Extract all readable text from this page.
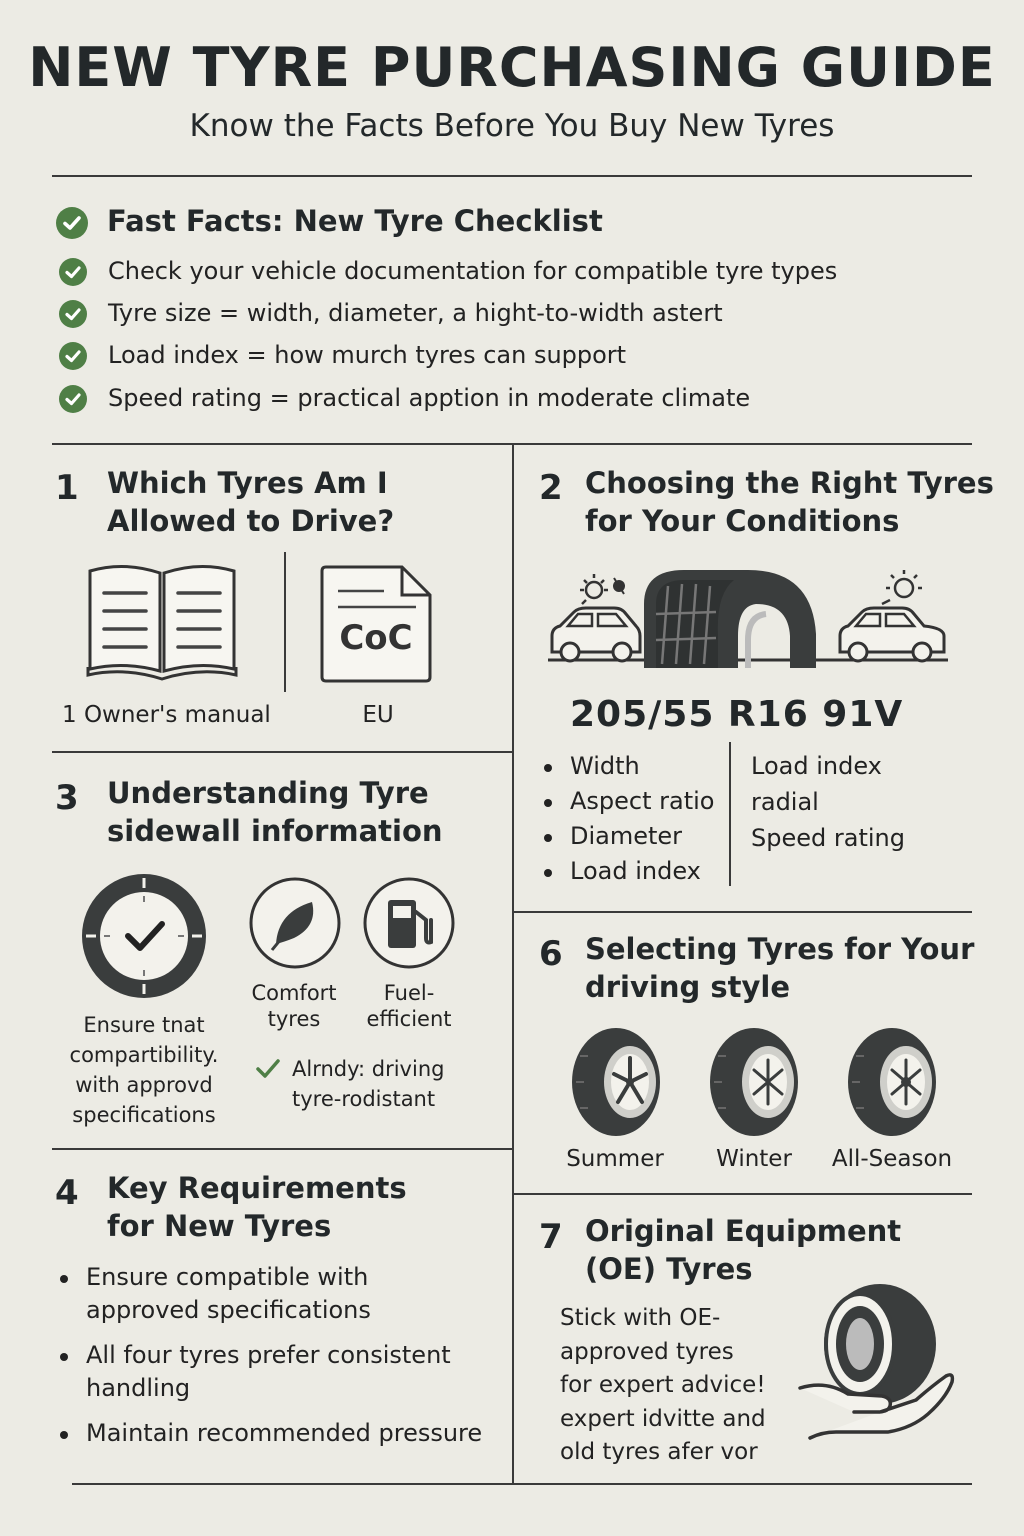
NEW TYRE PURCHASING GUIDE
Know the Facts Before You Buy New Tyres
Fast Facts: New Tyre Checklist
Check your vehicle documentation for compatible tyre types
Tyre size = width, diameter, a hight-to-width astert
Load index = how murch tyres can support
Speed rating = practical apption in moderate climate
1 Which Tyres Am I
Allowed to Drive?
CoC
1 Owner's manual	EU
3 Understanding Tyre
sidewall information
Ensure tnat
compartibility.
with approvd
specifications
Comfort
tyres
Fuel-
efficient
Alrndy: driving
tyre-rodistant
4 Key Requirements
for New Tyres
Ensure compatible with approved specifications
All four tyres prefer consistent handling
Maintain recommended pressure
2 Choosing the Right Tyres
for Your Conditions
205/55 R16 91V
Width
Aspect ratio
Diameter
Load index
Load index
radial
Speed rating
6 Selecting Tyres for Your
driving style
Summer	Winter	All-Season
7 Original Equipment
(OE) Tyres
Stick with OE-
approved tyres
for expert advice!
expert idvitte and
old tyres afer vor
